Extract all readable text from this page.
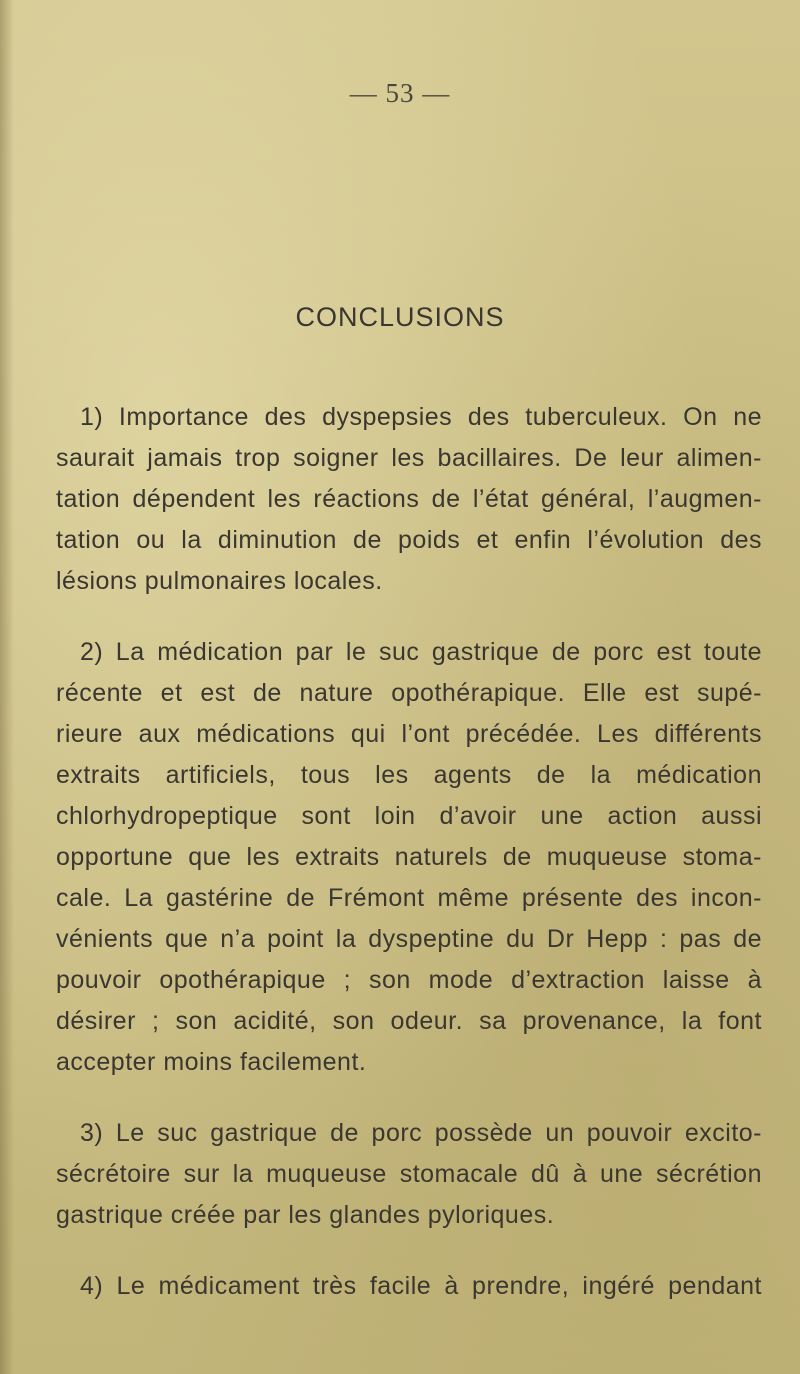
— 53 —
CONCLUSIONS
1) Importance des dyspepsies des tuberculeux. On ne
saurait jamais trop soigner les bacillaires. De leur alimen-
tation dépendent les réactions de l’état général, l’augmen-
tation ou la diminution de poids et enfin l’évolution des
lésions pulmonaires locales.
2) La médication par le suc gastrique de porc est toute
récente et est de nature opothérapique. Elle est supé-
rieure aux médications qui l’ont précédée. Les différents
extraits artificiels, tous les agents de la médication
chlorhydropeptique sont loin d’avoir une action aussi
opportune que les extraits naturels de muqueuse stoma-
cale. La gastérine de Frémont même présente des incon-
vénients que n’a point la dyspeptine du Dr Hepp : pas de
pouvoir opothérapique ; son mode d’extraction laisse à
désirer ; son acidité, son odeur. sa provenance, la font
accepter moins facilement.
3) Le suc gastrique de porc possède un pouvoir excito-
sécrétoire sur la muqueuse stomacale dû à une sécrétion
gastrique créée par les glandes pyloriques.
4) Le médicament très facile à prendre, ingéré pendant
